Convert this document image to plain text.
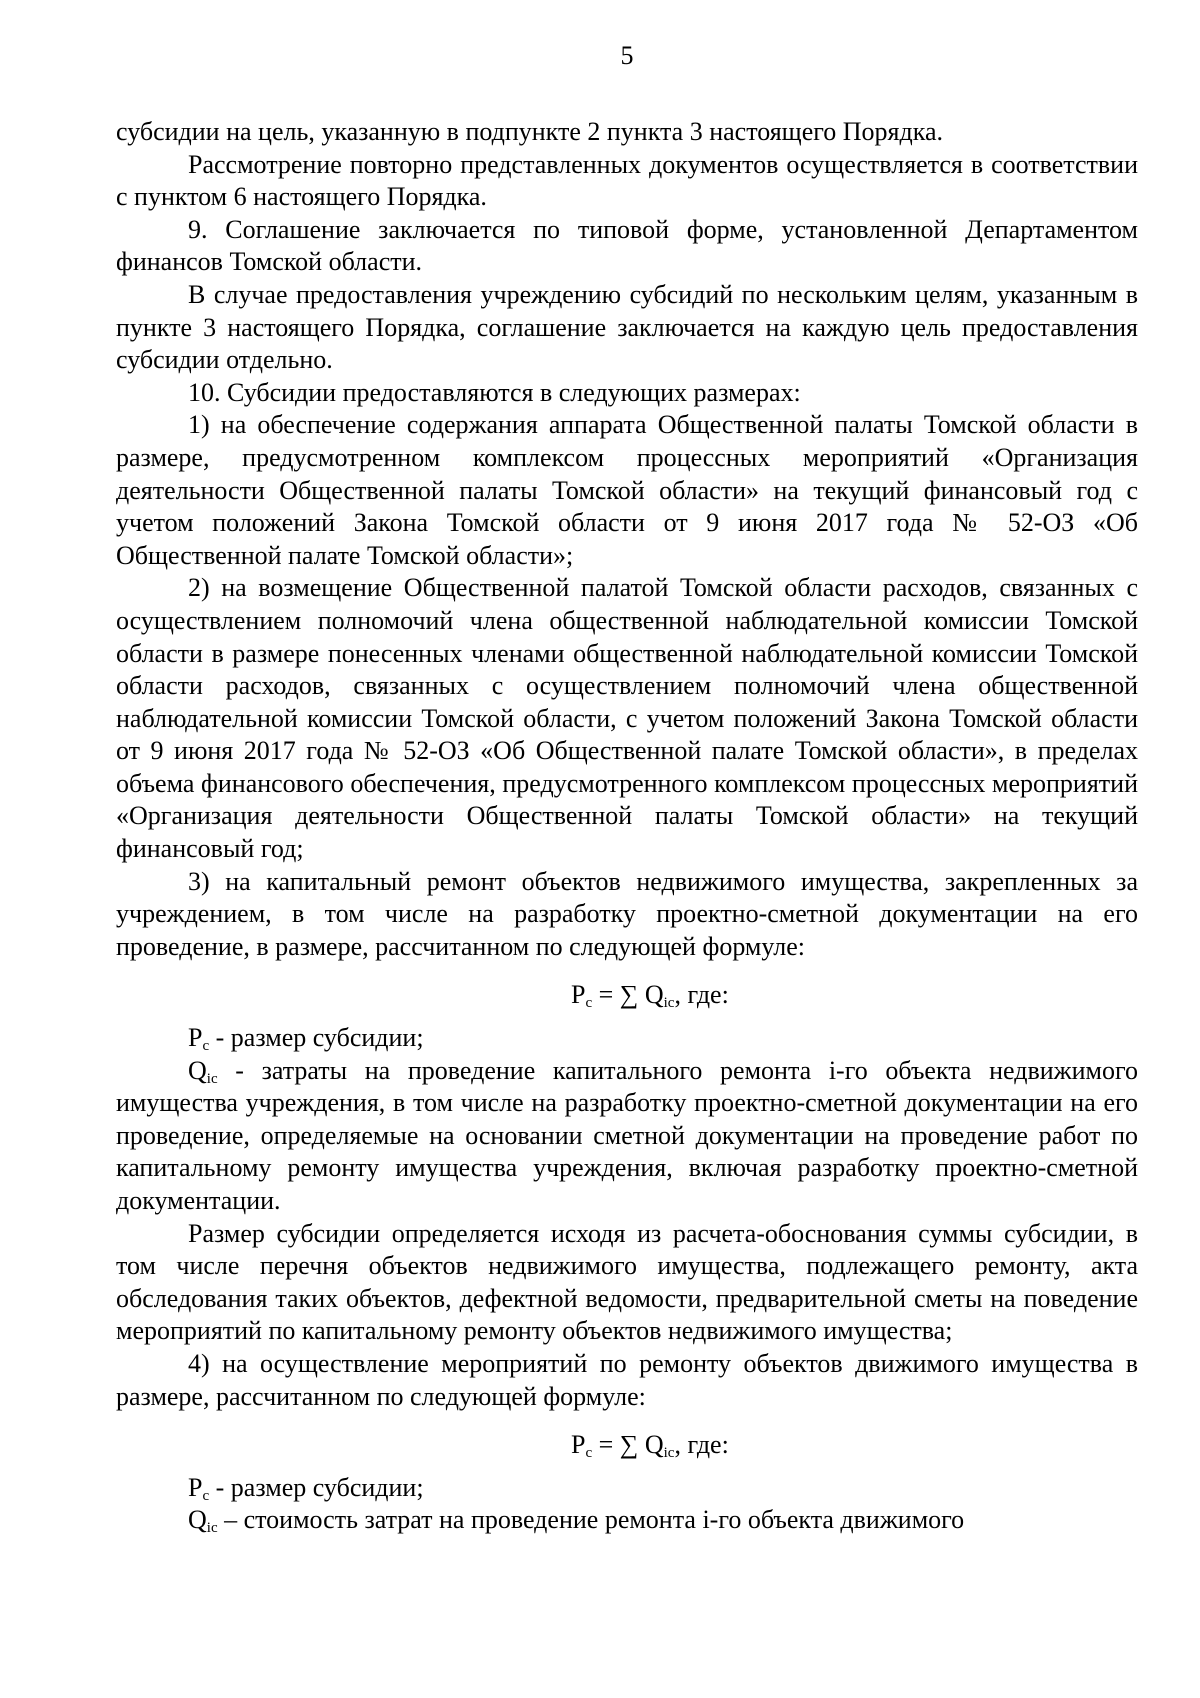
5

субсидии на цель, указанную в подпункте 2 пункта 3 настоящего Порядка.

Рассмотрение повторно представленных документов осуществляется в соответствии с пунктом 6 настоящего Порядка.

9. Соглашение заключается по типовой форме, установленной Департаментом финансов Томской области.

В случае предоставления учреждению субсидий по нескольким целям, указанным в пункте 3 настоящего Порядка, соглашение заключается на каждую цель предоставления субсидии отдельно.

10. Субсидии предоставляются в следующих размерах:

1) на обеспечение содержания аппарата Общественной палаты Томской области в размере, предусмотренном комплексом процессных мероприятий «Организация деятельности Общественной палаты Томской области» на текущий финансовый год с учетом положений Закона Томской области от 9 июня 2017 года № 52-ОЗ «Об Общественной палате Томской области»;

2) на возмещение Общественной палатой Томской области расходов, связанных с осуществлением полномочий члена общественной наблюдательной комиссии Томской области в размере понесенных членами общественной наблюдательной комиссии Томской области расходов, связанных с осуществлением полномочий члена общественной наблюдательной комиссии Томской области, с учетом положений Закона Томской области от 9 июня 2017 года № 52-ОЗ «Об Общественной палате Томской области», в пределах объема финансового обеспечения, предусмотренного комплексом процессных мероприятий «Организация деятельности Общественной палаты Томской области» на текущий финансовый год;

3) на капитальный ремонт объектов недвижимого имущества, закрепленных за учреждением, в том числе на разработку проектно-сметной документации на его проведение, в размере, рассчитанном по следующей формуле:

$P_c$ = ∑ $Q_{ic}$, где:

$P_c$ - размер субсидии;

$Q_{ic}$ - затраты на проведение капитального ремонта i-го объекта недвижимого имущества учреждения, в том числе на разработку проектно-сметной документации на его проведение, определяемые на основании сметной документации на проведение работ по капитальному ремонту имущества учреждения, включая разработку проектно-сметной документации.

Размер субсидии определяется исходя из расчета-обоснования суммы субсидии, в том числе перечня объектов недвижимого имущества, подлежащего ремонту, акта обследования таких объектов, дефектной ведомости, предварительной сметы на поведение мероприятий по капитальному ремонту объектов недвижимого имущества;

4) на осуществление мероприятий по ремонту объектов движимого имущества в размере, рассчитанном по следующей формуле:

$P_c$ = ∑ $Q_{ic}$, где:

$P_c$ - размер субсидии;

$Q_{ic}$ – стоимость затрат на проведение ремонта i-го объекта движимого
